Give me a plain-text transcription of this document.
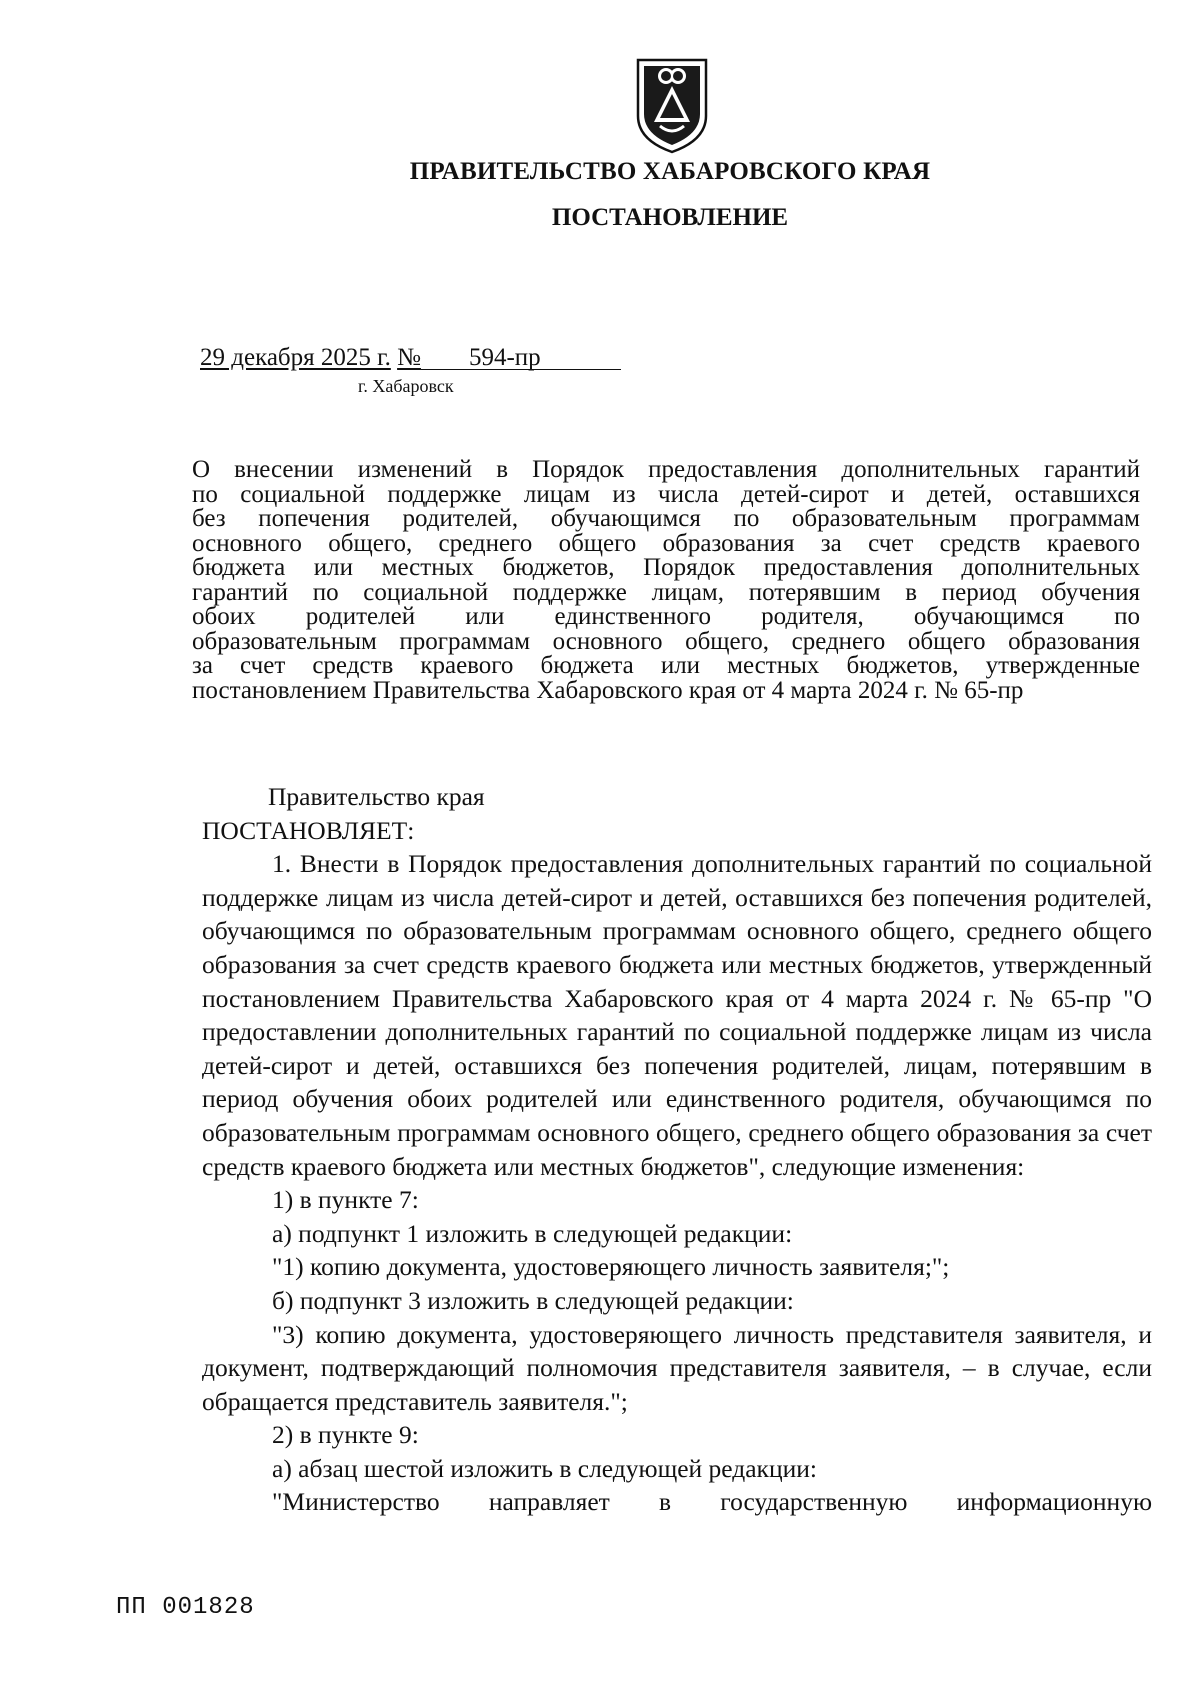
ПРАВИТЕЛЬСТВО ХАБАРОВСКОГО КРАЯ
ПОСТАНОВЛЕНИЕ
29 декабря 2025 г. № 594-пр
г. Хабаровск
О внесении изменений в Порядок предоставления дополнительных гарантий
по социальной поддержке лицам из числа детей-сирот и детей, оставшихся
без попечения родителей, обучающимся по образовательным программам
основного общего, среднего общего образования за счет средств краевого
бюджета или местных бюджетов, Порядок предоставления дополнительных
гарантий по социальной поддержке лицам, потерявшим в период обучения
обоих родителей или единственного родителя, обучающимся по
образовательным программам основного общего, среднего общего образования
за счет средств краевого бюджета или местных бюджетов, утвержденные
постановлением Правительства Хабаровского края от 4 марта 2024 г. № 65-пр

Правительство края

ПОСТАНОВЛЯЕТ:

1. Внести в Порядок предоставления дополнительных гарантий по социальной поддержке лицам из числа детей-сирот и детей, оставшихся без попечения родителей, обучающимся по образовательным программам основного общего, среднего общего образования за счет средств краевого бюджета или местных бюджетов, утвержденный постановлением Правительства Хабаровского края от 4 марта 2024 г. № 65-пр "О предоставлении дополнительных гарантий по социальной поддержке лицам из числа детей-сирот и детей, оставшихся без попечения родителей, лицам, потерявшим в период обучения обоих родителей или единственного родителя, обучающимся по образовательным программам основного общего, среднего общего образования за счет средств краевого бюджета или местных бюджетов", следующие изменения:

1) в пункте 7:

а) подпункт 1 изложить в следующей редакции:

"1) копию документа, удостоверяющего личность заявителя;";

б) подпункт 3 изложить в следующей редакции:

"3) копию документа, удостоверяющего личность представителя заявителя, и документ, подтверждающий полномочия представителя заявителя, – в случае, если обращается представитель заявителя.";

2) в пункте 9:

а) абзац шестой изложить в следующей редакции:

"Министерство направляет в государственную информационную

ПП 001828
